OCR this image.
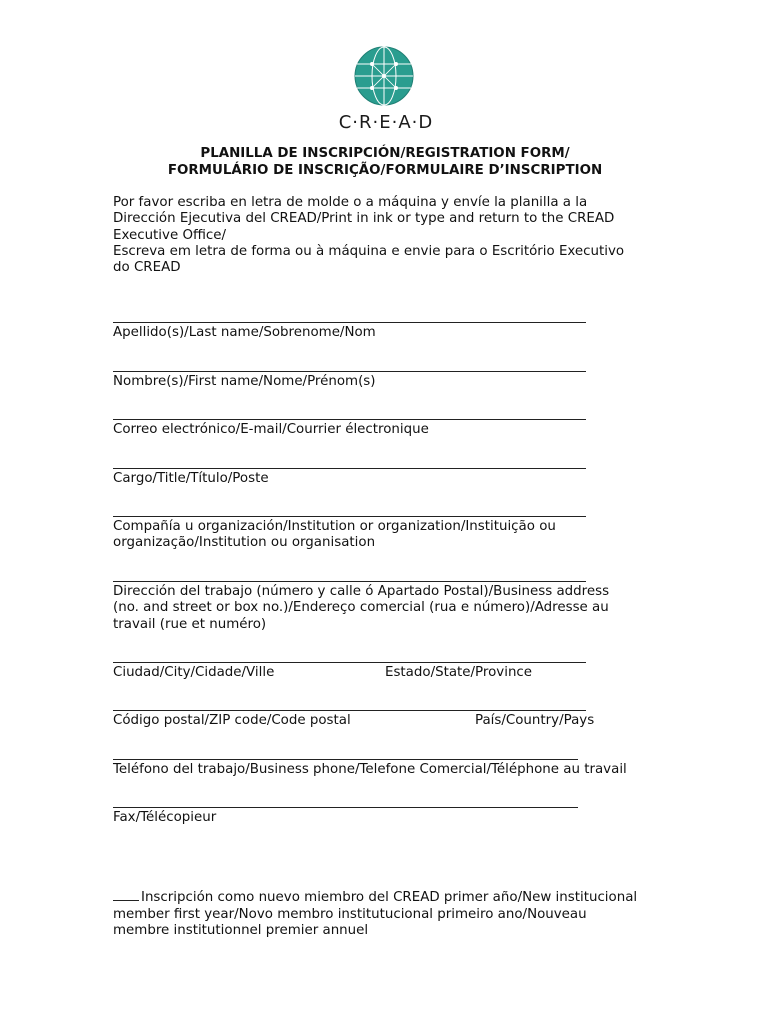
C·R·E·A·D
PLANILLA DE INSCRIPCIÓN/REGISTRATION FORM/
FORMULÁRIO DE INSCRIÇÃO/FORMULAIRE D’INSCRIPTION
Por favor escriba en letra de molde o a máquina y envíe la planilla a la
Dirección Ejecutiva del CREAD/Print in ink or type and return to the CREAD
Executive Office/
Escreva em letra de forma ou à máquina e envie para o Escritório Executivo
do CREAD
Apellido(s)/Last name/Sobrenome/Nom
Nombre(s)/First name/Nome/Prénom(s)
Correo electrónico/E-mail/Courrier électronique
Cargo/Title/Título/Poste
Compañía u organización/Institution or organization/Instituição ou
organização/Institution ou organisation
Dirección del trabajo (número y calle ó Apartado Postal)/Business address
(no. and street or box no.)/Endereço comercial (rua e número)/Adresse au
travail (rue et numéro)
Ciudad/City/Cidade/Ville	Estado/State/Province
Código postal/ZIP code/Code postal	País/Country/Pays
Teléfono del trabajo/Business phone/Telefone Comercial/Téléphone au travail
Fax/Télécopieur

Inscripción como nuevo miembro del CREAD primer año/New institucional
member first year/Novo membro institutucional primeiro ano/Nouveau
membre institutionnel premier annuel
